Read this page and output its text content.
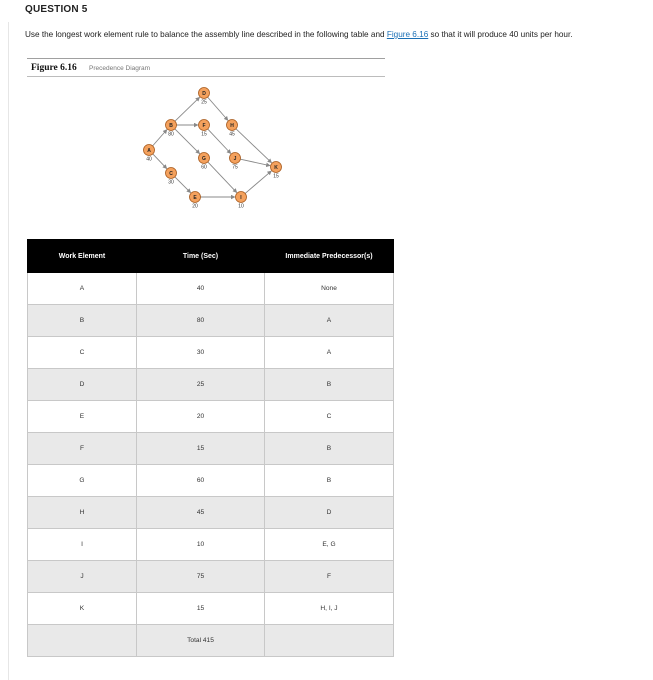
QUESTION 5
Use the longest work element rule to balance the assembly line described in the following table and Figure 6.16 so that it will produce 40 units per hour.
Figure 6.16 Precedence Diagram
A
40
B
80
C
30
D
25
E
20
F
15
G
60
H
45
I
10
J
75	K
15
Work Element	Time (Sec)	Immediate Predecessor(s)
A	40	None
B	80	A
C	30	A
D	25	B
E	20	C
F	15	B
G	60	B
H	45	D
I	10	E, G
J	75	F
K	15	H, I, J
	Total 415	
